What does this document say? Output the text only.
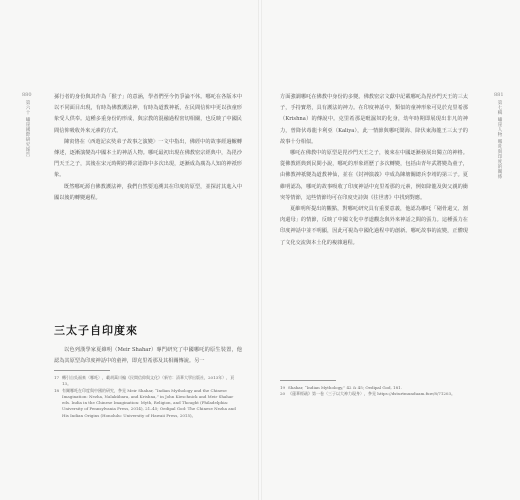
880
第六十 嘯崖國際研究報告

孫行者的身份與其作為「猴子」的意涵，學者們至今仍爭論不休。哪吒在各版本中以不同面目出現，有時為佛教護法神，有時為道教神祇，在民間信仰中更以孩童形象受人供奉。這種多重身份的形成，與宗教的混融過程密切相關，也反映了中國民間信仰吸收外來元素的方式。

陳寅恪在〈西遊記玄奘弟子故事之演變〉一文中指出，佛經中的故事經過輾轉傳述，逐漸演變為中國本土的神話人物。哪吒最初出現在佛教密宗經典中，為毘沙門天王之子，其後在宋元時期的禪宗語錄中多次出現，逐漸成為廣為人知的神祇形象。

既然哪吒源自佛教護法神，我們自然要追溯其在印度的原型，並探討其進入中國以後的轉變過程。

三太子自印度來

以色列漢學家夏維明（Meir Shahar）專門研究了中國哪吒的原生裝置，他認為其原型為印度神話中的童神，即克里希那及其相關傳說。另一

17 轉引自吳福來〈哪吒〉，載胡萬川編《民間信仰與文化》（新竹：清華大學出版社，2013年），頁13。
18 有關哪吒在印度與中國的研究，參見 Meir Shahar, “Indian Mythology and the Chinese Imagination: Nezha, Nalakūbara, and Krishna,” in John Kieschnick and Meir Shahar eds. India in the Chinese Imagination: Myth, Religion, and Thought (Philadelphia: University of Pennsylvania Press, 2014), 21–45; Oedipal God: The Chinese Nezha and His Indian Origins (Honolulu: University of Hawaii Press, 2015)。
881
第七輯 嘯崖人物 哪吒與印度的關係

方面強調哪吒在佛教中身份的多變。佛教密宗文獻中記載哪吒為毘沙門天王的三太子，手持寶塔，具有護法的神力。在印度神話中，類似的童神形象可見於克里希那（Krishna）的傳說中。克里希那是毗濕奴的化身，幼年時期即展現出非凡的神力，曾降伏毒龍卡利亞（Kaliya），此一情節與哪吒鬧海、降伏東海龍王三太子的故事十分相似。

哪吒在佛教中的原型是毘沙門天王之子，後來在中國逐漸發展出獨立的神格。從佛教經典到民間小說，哪吒的形象經歷了多次轉變，包括由青年武將變為童子，由佛教神祇變為道教神仙，並在《封神演義》中成為陳塘關總兵李靖的第三子。夏維明認為，哪吒的故事吸收了印度神話中克里希那的元素，例如降龍及與父親的衝突等情節，這些情節均可在印度史詩與《往世書》中找到對應。

夏維明所提出的觀點，對哪吒研究具有重要意義，他認為哪吒「剔骨還父、割肉還母」的情節，反映了中國文化中孝道觀念與外來神話之間的張力。這種張力在印度神話中並不明顯，因此可視為中國化過程中的創新。哪吒故事的流變，正體現了文化交流與本土化的複雜過程。

19 Shahar, “Indian Mythology,” 42 & 45; Oedipal God, 181.
20 《蓮華經疏》第一卷〈三子以大神力現身〉，參見 https://dsturtmunduam.fuw/8/71203。
